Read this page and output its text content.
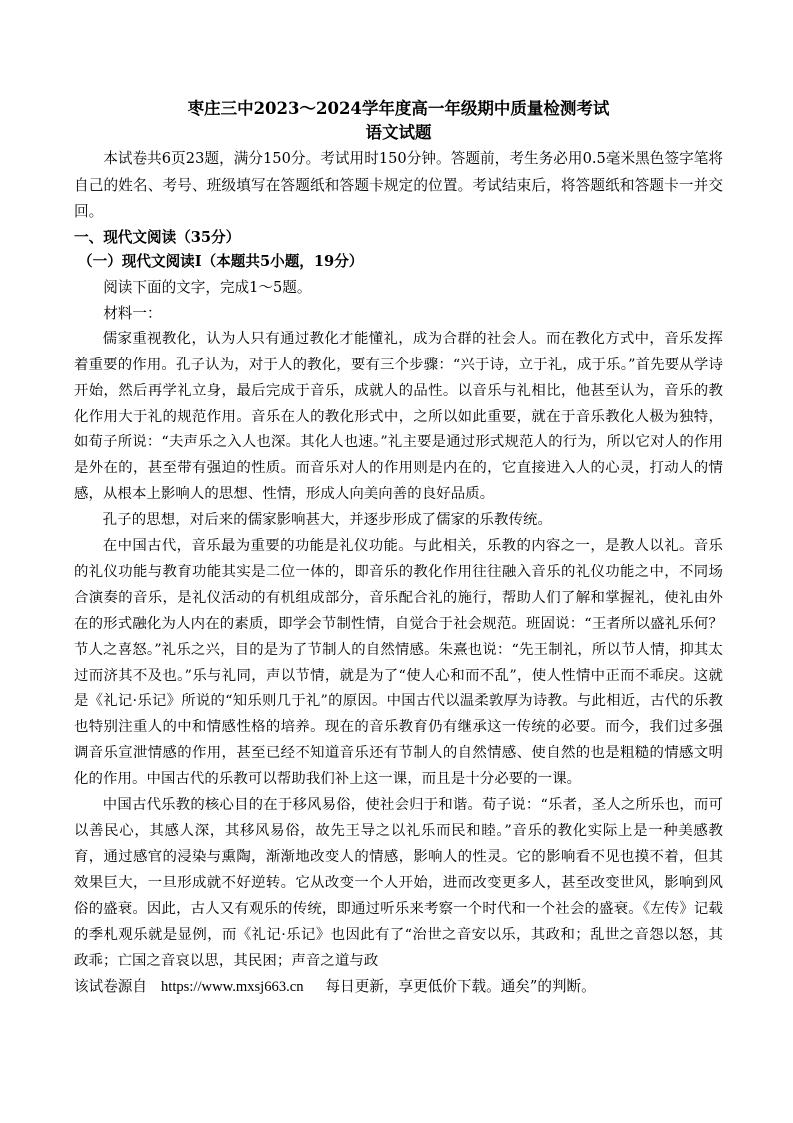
枣庄三中2023～2024学年度高一年级期中质量检测考试

语文试题

本试卷共6页23题，满分150分。考试用时150分钟。答题前，考生务必用0.5毫米黑色签字笔将自己的姓名、考号、班级填写在答题纸和答题卡规定的位置。考试结束后，将答题纸和答题卡一并交回。

一、现代文阅读（35分）

（一）现代文阅读Ⅰ（本题共5小题，19分）

阅读下面的文字，完成1～5题。

材料一：

儒家重视教化，认为人只有通过教化才能懂礼，成为合群的社会人。而在教化方式中，音乐发挥着重要的作用。孔子认为，对于人的教化，要有三个步骤：“兴于诗，立于礼，成于乐。”首先要从学诗开始，然后再学礼立身，最后完成于音乐，成就人的品性。以音乐与礼相比，他甚至认为，音乐的教化作用大于礼的规范作用。音乐在人的教化形式中，之所以如此重要，就在于音乐教化人极为独特，如荀子所说：“夫声乐之入人也深。其化人也速。”礼主要是通过形式规范人的行为，所以它对人的作用是外在的，甚至带有强迫的性质。而音乐对人的作用则是内在的，它直接进入人的心灵，打动人的情感，从根本上影响人的思想、性情，形成人向美向善的良好品质。

孔子的思想，对后来的儒家影响甚大，并逐步形成了儒家的乐教传统。

在中国古代，音乐最为重要的功能是礼仪功能。与此相关，乐教的内容之一，是教人以礼。音乐的礼仪功能与教育功能其实是二位一体的，即音乐的教化作用往往融入音乐的礼仪功能之中，不同场合演奏的音乐，是礼仪活动的有机组成部分，音乐配合礼的施行，帮助人们了解和掌握礼，使礼由外在的形式融化为人内在的素质，即学会节制性情，自觉合于社会规范。班固说：“王者所以盛礼乐何？节人之喜怒。”礼乐之兴，目的是为了节制人的自然情感。朱熹也说：“先王制礼，所以节人情，抑其太过而济其不及也。”乐与礼同，声以节情，就是为了“使人心和而不乱”，使人性情中正而不乖戾。这就是《礼记·乐记》所说的“知乐则几于礼”的原因。中国古代以温柔敦厚为诗教。与此相近，古代的乐教也特别注重人的中和情感性格的培养。现在的音乐教育仍有继承这一传统的必要。而今，我们过多强调音乐宣泄情感的作用，甚至已经不知道音乐还有节制人的自然情感、使自然的也是粗糙的情感文明化的作用。中国古代的乐教可以帮助我们补上这一课，而且是十分必要的一课。

中国古代乐教的核心目的在于移风易俗，使社会归于和谐。荀子说：“乐者，圣人之所乐也，而可以善民心，其感人深，其移风易俗，故先王导之以礼乐而民和睦。”音乐的教化实际上是一种美感教育，通过感官的浸染与熏陶，渐渐地改变人的情感，影响人的性灵。它的影响看不见也摸不着，但其效果巨大，一旦形成就不好逆转。它从改变一个人开始，进而改变更多人，甚至改变世风，影响到风俗的盛衰。因此，古人又有观乐的传统，即通过听乐来考察一个时代和一个社会的盛衰。《左传》记载的季札观乐就是显例，而《礼记·乐记》也因此有了“治世之音安以乐，其政和；乱世之音怨以怒，其政乖；亡国之音哀以思，其民困；声音之道与政

该试卷源自 https://www.mxsj663.cn 每日更新，享更低价下载。通矣”的判断。
